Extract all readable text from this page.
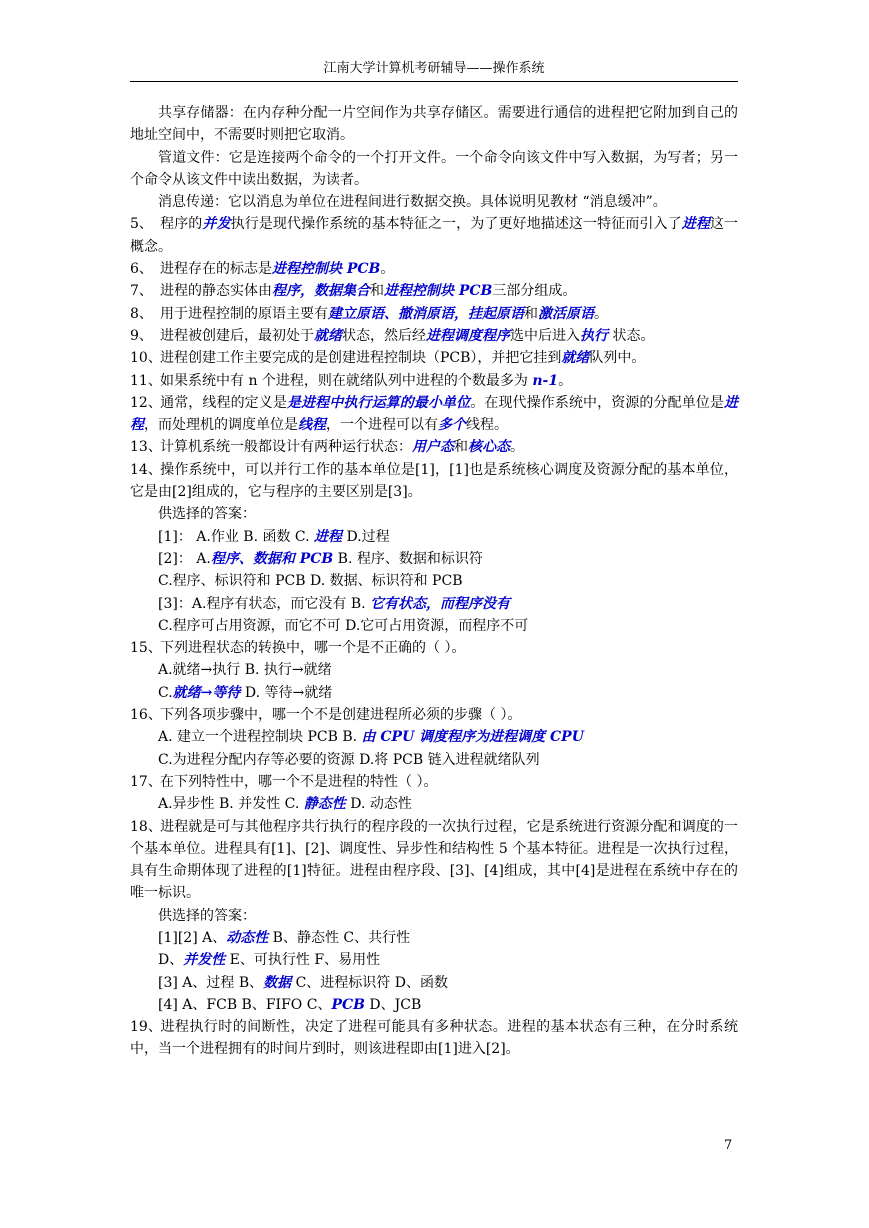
江南大学计算机考研辅导——操作系统

共享存储器：在内存种分配一片空间作为共享存储区。需要进行通信的进程把它附加到自己的地址空间中，不需要时则把它取消。

管道文件：它是连接两个命令的一个打开文件。一个命令向该文件中写入数据，为写者；另一个命令从该文件中读出数据，为读者。

消息传递：它以消息为单位在进程间进行数据交换。具体说明见教材 “消息缓冲”。

5、 程序的并发执行是现代操作系统的基本特征之一，为了更好地描述这一特征而引入了进程这一概念。

6、 进程存在的标志是进程控制块 PCB。

7、 进程的静态实体由程序，数据集合和进程控制块 PCB三部分组成。

8、 用于进程控制的原语主要有建立原语、撤消原语，挂起原语和激活原语。

9、 进程被创建后，最初处于就绪状态，然后经进程调度程序选中后进入执行 状态。

10、进程创建工作主要完成的是创建进程控制块（PCB），并把它挂到就绪队列中。

11、如果系统中有 n 个进程，则在就绪队列中进程的个数最多为 n-1。

12、通常，线程的定义是是进程中执行运算的最小单位。在现代操作系统中，资源的分配单位是进程，而处理机的调度单位是线程，一个进程可以有多个线程。

13、计算机系统一般都设计有两种运行状态：用户态和核心态。

14、操作系统中，可以并行工作的基本单位是[1]，[1]也是系统核心调度及资源分配的基本单位，它是由[2]组成的，它与程序的主要区别是[3]。

供选择的答案：

[1]： A.作业 B. 函数 C. 进程 D.过程

[2]： A.程序、数据和 PCB B. 程序、数据和标识符

C.程序、标识符和 PCB D. 数据、标识符和 PCB

[3]：A.程序有状态，而它没有 B. 它有状态，而程序没有

C.程序可占用资源，而它不可 D.它可占用资源，而程序不可

15、下列进程状态的转换中，哪一个是不正确的（ ）。

A.就绪→执行 B. 执行→就绪

C.就绪→等待 D. 等待→就绪

16、下列各项步骤中，哪一个不是创建进程所必须的步骤（ ）。

A. 建立一个进程控制块 PCB B. 由 CPU 调度程序为进程调度 CPU

C.为进程分配内存等必要的资源 D.将 PCB 链入进程就绪队列

17、在下列特性中，哪一个不是进程的特性（ ）。

A.异步性 B. 并发性 C. 静态性 D. 动态性

18、进程就是可与其他程序共行执行的程序段的一次执行过程，它是系统进行资源分配和调度的一个基本单位。进程具有[1]、[2]、调度性、异步性和结构性 5 个基本特征。进程是一次执行过程，具有生命期体现了进程的[1]特征。进程由程序段、[3]、[4]组成，其中[4]是进程在系统中存在的唯一标识。

供选择的答案：

[1][2] A、动态性 B、静态性 C、共行性

D、并发性 E、可执行性 F、易用性

[3] A、过程 B、数据 C、进程标识符 D、函数

[4] A、FCB B、FIFO C、PCB D、JCB

19、进程执行时的间断性，决定了进程可能具有多种状态。进程的基本状态有三种，在分时系统中，当一个进程拥有的时间片到时，则该进程即由[1]进入[2]。

7
